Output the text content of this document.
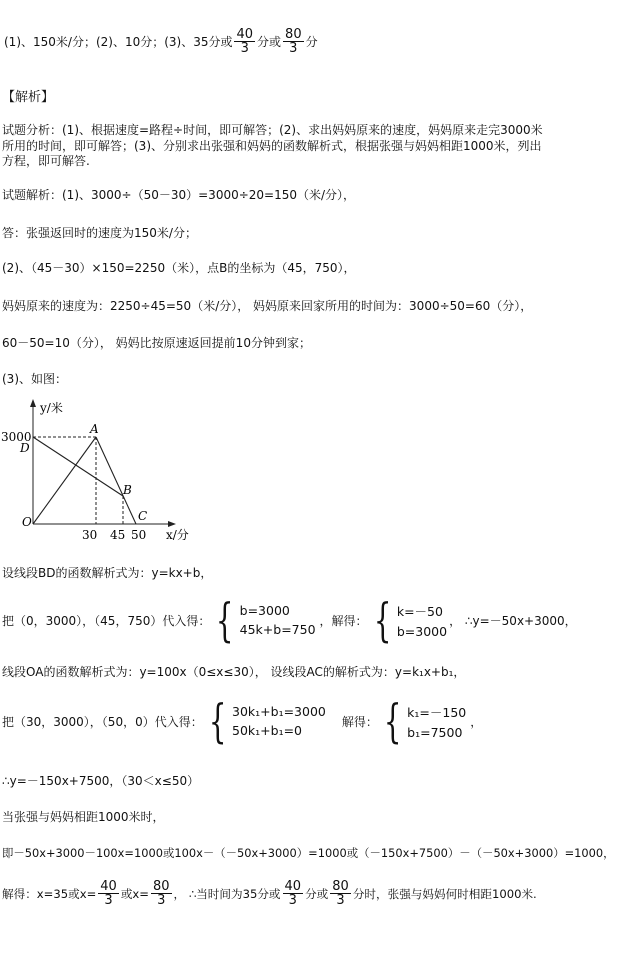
(1)、150米/分；(2)、10分；(3)、35分或 $\frac{40}{3}$ 分或 $\frac{80}{3}$ 分
【解析】
试题分析：(1)、根据速度=路程÷时间，即可解答；(2)、求出妈妈原来的速度，妈妈原来走完3000米
所用的时间，即可解答；(3)、分别求出张强和妈妈的函数解析式，根据张强与妈妈相距1000米，列出
方程，即可解答.
试题解析：(1)、3000÷（50－30）=3000÷20=150（米/分），
答：张强返回时的速度为150米/分；
(2)、（45－30）×150=2250（米），点B的坐标为（45，750），
妈妈原来的速度为：2250÷45=50（米/分）， 妈妈原来回家所用的时间为：3000÷50=60（分），
60－50=10（分）， 妈妈比按原速返回提前10分钟到家；
(3)、如图：
y/米
x/分
O
3000
30 45 50
A
B
C
D
设线段BD的函数解析式为：y=kx+b，
把（0，3000），（45，750）代入得： { b=3000
45k+b=750
，解得： { k=－50
b=3000
， ∴y=－50x+3000，
线段OA的函数解析式为：y=100x（0≤x≤30）， 设线段AC的解析式为：y=k₁x+b₁，
把（30，3000），（50，0）代入得： { 30k₁+b₁=3000
50k₁+b₁=0
解得： { k₁=－150
b₁=7500
，
∴y=－150x+7500，（30＜x≤50）
当张强与妈妈相距1000米时，
即－50x+3000－100x=1000或100x－（－50x+3000）=1000或（－150x+7500）－（－50x+3000）=1000，
解得：x=35或$x= \frac{40}{3}$ 或$x= \frac{80}{3}$ ， ∴当时间为35分或 $\frac{40}{3}$ 分或 $\frac{80}{3}$ 分时，张强与妈妈何时相距1000米.
